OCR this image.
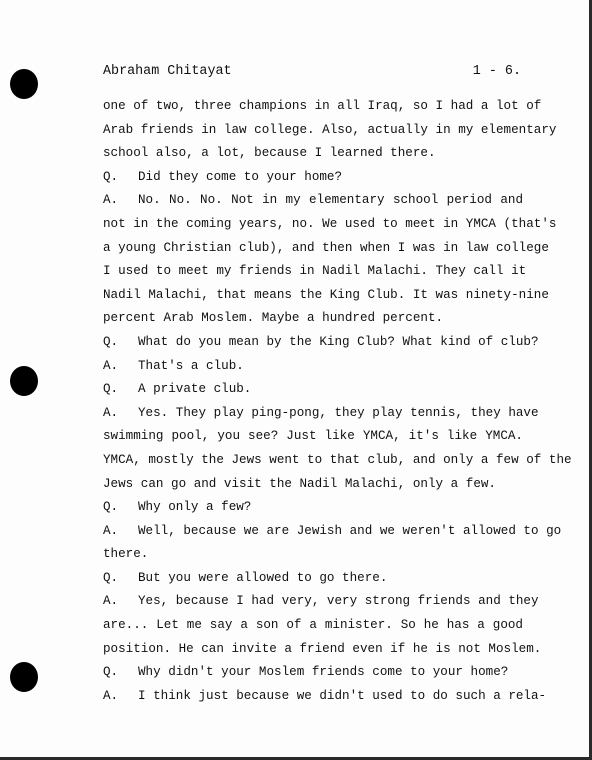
Abraham Chitayat	1 - 6.
one of two, three champions in all Iraq, so I had a lot of
Arab friends in law college. Also, actually in my elementary
school also, a lot, because I learned there.
Q. Did they come to your home?
A. No. No. No. Not in my elementary school period and
not in the coming years, no. We used to meet in YMCA (that's
a young Christian club), and then when I was in law college
I used to meet my friends in Nadil Malachi. They call it
Nadil Malachi, that means the King Club. It was ninety-nine
percent Arab Moslem. Maybe a hundred percent.
Q. What do you mean by the King Club? What kind of club?
A. That's a club.
Q. A private club.
A. Yes. They play ping-pong, they play tennis, they have
swimming pool, you see? Just like YMCA, it's like YMCA.
YMCA, mostly the Jews went to that club, and only a few of the
Jews can go and visit the Nadil Malachi, only a few.
Q. Why only a few?
A. Well, because we are Jewish and we weren't allowed to go
there.
Q. But you were allowed to go there.
A. Yes, because I had very, very strong friends and they
are... Let me say a son of a minister. So he has a good
position. He can invite a friend even if he is not Moslem.
Q. Why didn't your Moslem friends come to your home?
A. I think just because we didn't used to do such a rela-
